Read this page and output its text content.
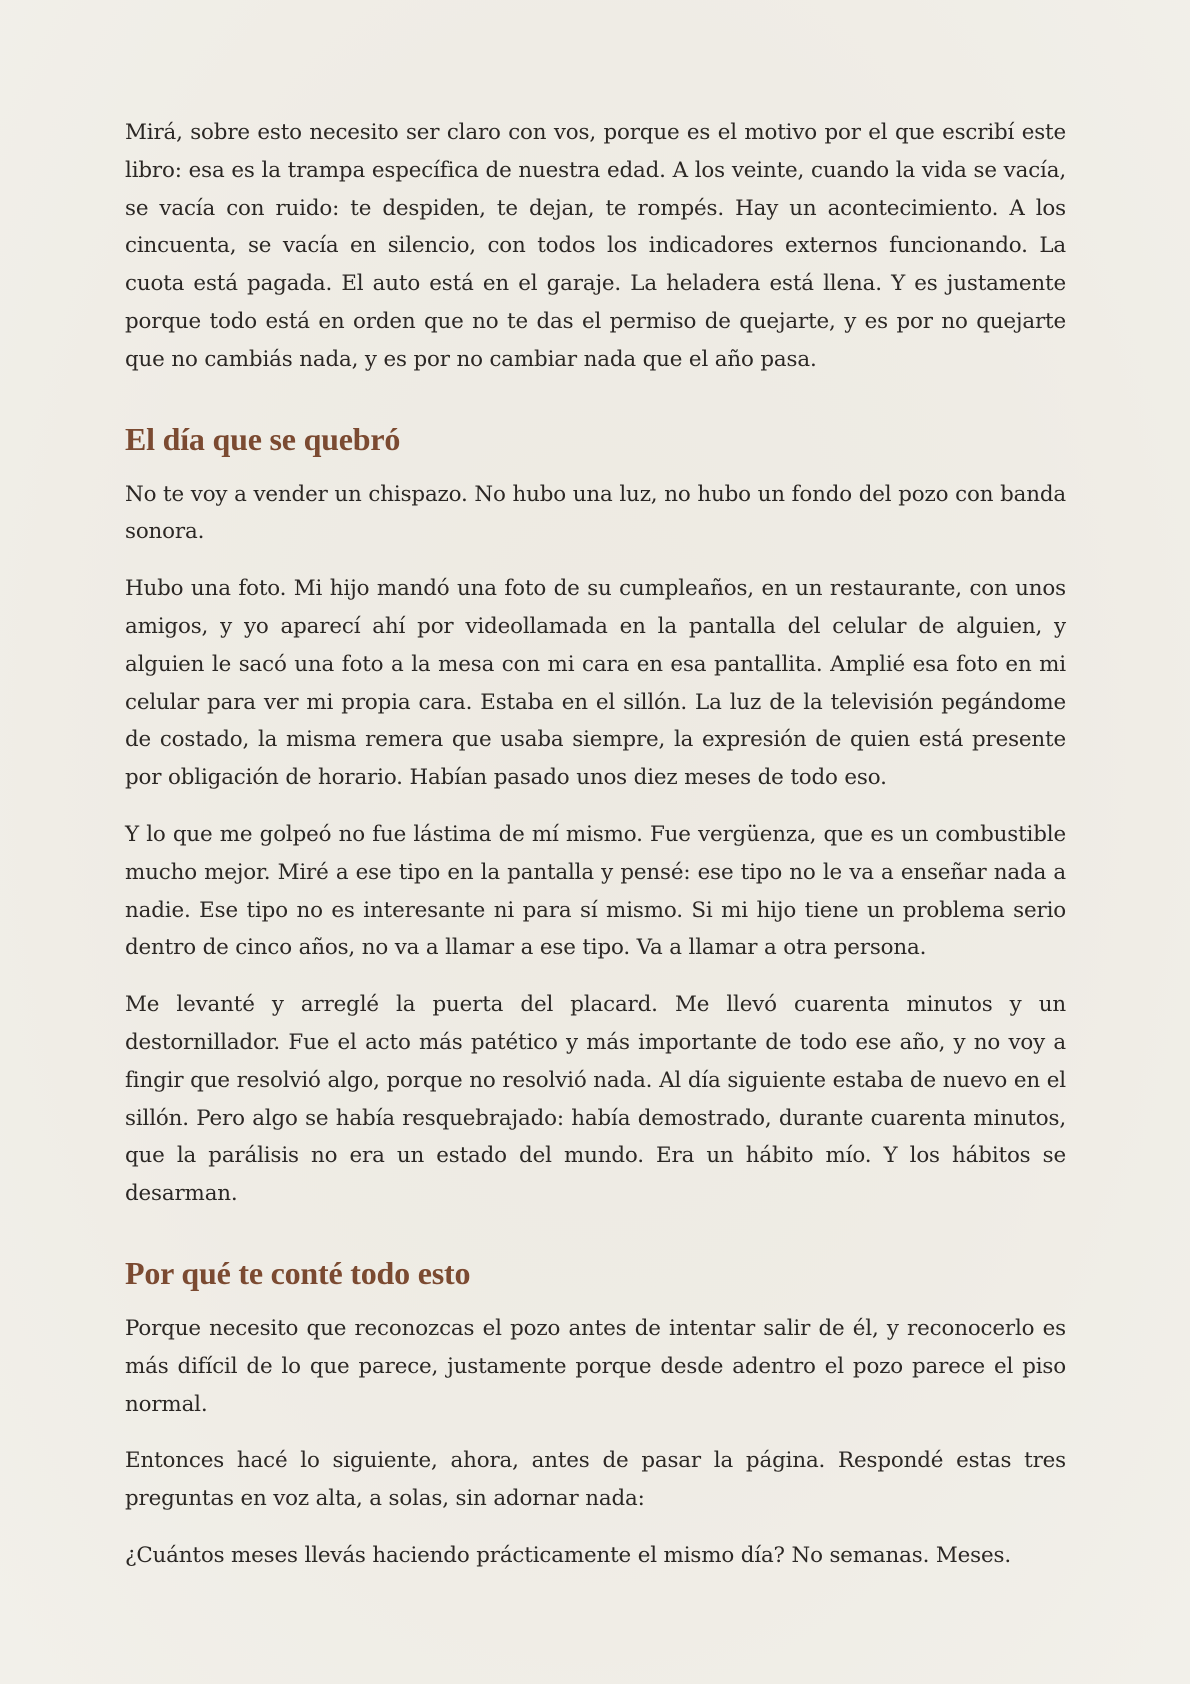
Mirá, sobre esto necesito ser claro con vos, porque es el motivo por el que escribí este libro: esa es la trampa específica de nuestra edad. A los veinte, cuando la vida se vacía, se vacía con ruido: te despiden, te dejan, te rompés. Hay un acontecimiento. A los cincuenta, se vacía en silencio, con todos los indicadores externos funcionando. La cuota está pagada. El auto está en el garaje. La heladera está llena. Y es justamente porque todo está en orden que no te das el permiso de quejarte, y es por no quejarte que no cambiás nada, y es por no cambiar nada que el año pasa.

El día que se quebró

No te voy a vender un chispazo. No hubo una luz, no hubo un fondo del pozo con banda sonora.

Hubo una foto. Mi hijo mandó una foto de su cumpleaños, en un restaurante, con unos amigos, y yo aparecí ahí por videollamada en la pantalla del celular de alguien, y alguien le sacó una foto a la mesa con mi cara en esa pantallita. Amplié esa foto en mi celular para ver mi propia cara. Estaba en el sillón. La luz de la televisión pegándome de costado, la misma remera que usaba siempre, la expresión de quien está presente por obligación de horario. Habían pasado unos diez meses de todo eso.

Y lo que me golpeó no fue lástima de mí mismo. Fue vergüenza, que es un combustible mucho mejor. Miré a ese tipo en la pantalla y pensé: ese tipo no le va a enseñar nada a nadie. Ese tipo no es interesante ni para sí mismo. Si mi hijo tiene un problema serio dentro de cinco años, no va a llamar a ese tipo. Va a llamar a otra persona.

Me levanté y arreglé la puerta del placard. Me llevó cuarenta minutos y un destornillador. Fue el acto más patético y más importante de todo ese año, y no voy a fingir que resolvió algo, porque no resolvió nada. Al día siguiente estaba de nuevo en el sillón. Pero algo se había resquebrajado: había demostrado, durante cuarenta minutos, que la parálisis no era un estado del mundo. Era un hábito mío. Y los hábitos se desarman.

Por qué te conté todo esto

Porque necesito que reconozcas el pozo antes de intentar salir de él, y reconocerlo es más difícil de lo que parece, justamente porque desde adentro el pozo parece el piso normal.

Entonces hacé lo siguiente, ahora, antes de pasar la página. Respondé estas tres preguntas en voz alta, a solas, sin adornar nada:

¿Cuántos meses llevás haciendo prácticamente el mismo día? No semanas. Meses.
